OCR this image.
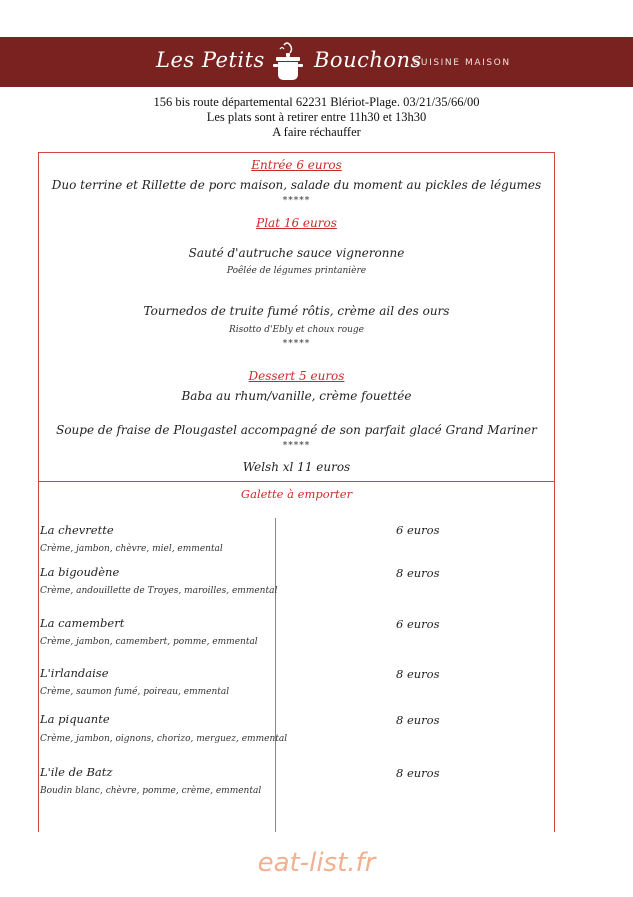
Les Petits Bouchons
CUISINE MAISON
156 bis route départemental 62231 Blériot-Plage. 03/21/35/66/00
Les plats sont à retirer entre 11h30 et 13h30
A faire réchauffer
Entrée 6 euros
Duo terrine et Rillette de porc maison, salade du moment au pickles de légumes
*****
Plat 16 euros
Sauté d'autruche sauce vigneronne
Poêlée de légumes printanière
Tournedos de truite fumé rôtis, crème ail des ours
Risotto d'Ebly et choux rouge
*****
Dessert 5 euros
Baba au rhum/vanille, crème fouettée
Soupe de fraise de Plougastel accompagné de son parfait glacé Grand Mariner
*****
Welsh xl 11 euros
Galette à emporter
La chevrette
Crème, jambon, chèvre, miel, emmental
6 euros
La bigoudène
Crème, andouillette de Troyes, maroilles, emmental
8 euros
La camembert
Crème, jambon, camembert, pomme, emmental
6 euros
L'irlandaise
Crème, saumon fumé, poireau, emmental
8 euros
La piquante
Crème, jambon, oignons, chorizo, merguez, emmental
8 euros
L'ile de Batz
Boudin blanc, chèvre, pomme, crème, emmental
8 euros
eat-list.fr
